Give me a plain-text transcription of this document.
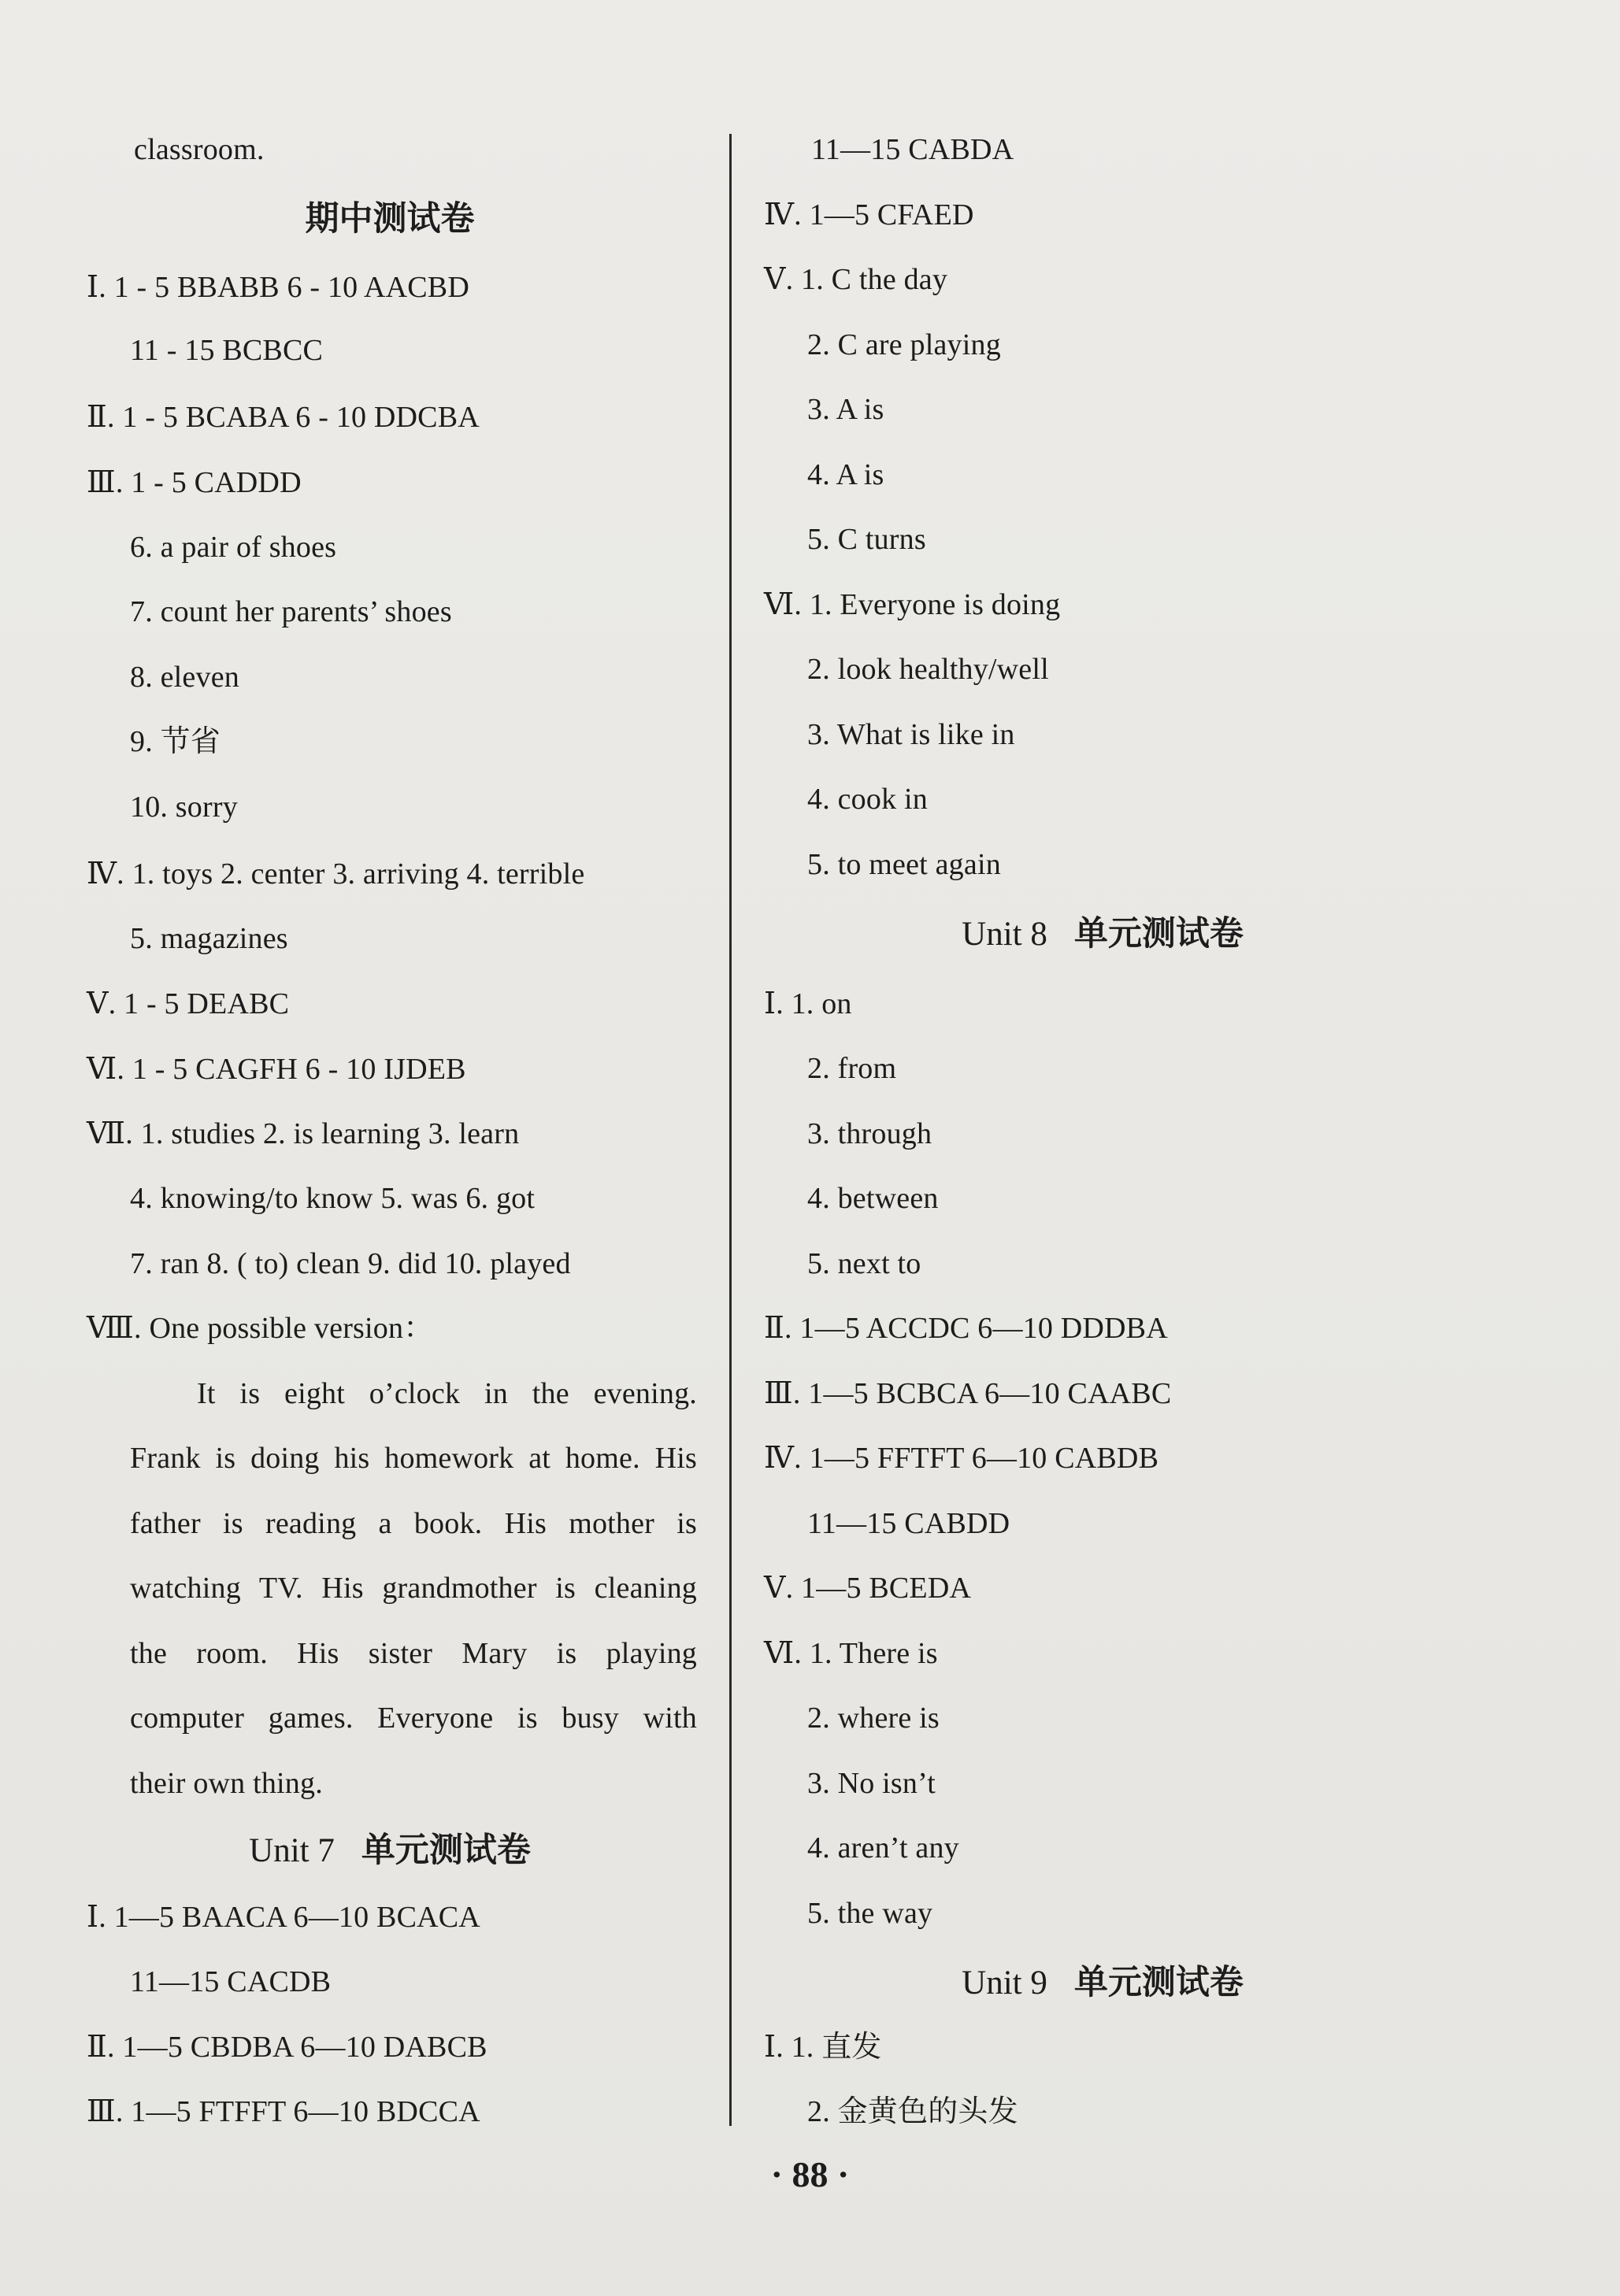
classroom.
期中测试卷
Ⅰ. 1 - 5 BBABB 6 - 10 AACBD
11 - 15 BCBCC
Ⅱ. 1 - 5 BCABA 6 - 10 DDCBA
Ⅲ. 1 - 5 CADDD
6. a pair of shoes
7. count her parents’ shoes
8. eleven
9. 节省
10. sorry
Ⅳ. 1. toys 2. center 3. arriving 4. terrible
5. magazines
Ⅴ. 1 - 5 DEABC
Ⅵ. 1 - 5 CAGFH 6 - 10 IJDEB
Ⅶ. 1. studies 2. is learning 3. learn
4. knowing/to know 5. was 6. got
7. ran 8. ( to) clean 9. did 10. played
Ⅷ. One possible version：
It is eight o’clock in the evening.
Frank is doing his homework at home. His
father is reading a book. His mother is
watching TV. His grandmother is cleaning
the room. His sister Mary is playing
computer games. Everyone is busy with
their own thing.
Unit 7 单元测试卷
Ⅰ. 1—5 BAACA 6—10 BCACA
11—15 CACDB
Ⅱ. 1—5 CBDBA 6—10 DABCB
Ⅲ. 1—5 FTFFT 6—10 BDCCA
11—15 CABDA
Ⅳ. 1—5 CFAED
Ⅴ. 1. C the day
2. C are playing
3. A is
4. A is
5. C turns
Ⅵ. 1. Everyone is doing
2. look healthy/well
3. What is like in
4. cook in
5. to meet again
Unit 8 单元测试卷
Ⅰ. 1. on
2. from
3. through
4. between
5. next to
Ⅱ. 1—5 ACCDC 6—10 DDDBA
Ⅲ. 1—5 BCBCA 6—10 CAABC
Ⅳ. 1—5 FFTFT 6—10 CABDB
11—15 CABDD
Ⅴ. 1—5 BCEDA
Ⅵ. 1. There is
2. where is
3. No isn’t
4. aren’t any
5. the way
Unit 9 单元测试卷
Ⅰ. 1. 直发
2. 金黄色的头发
· 88 ·
